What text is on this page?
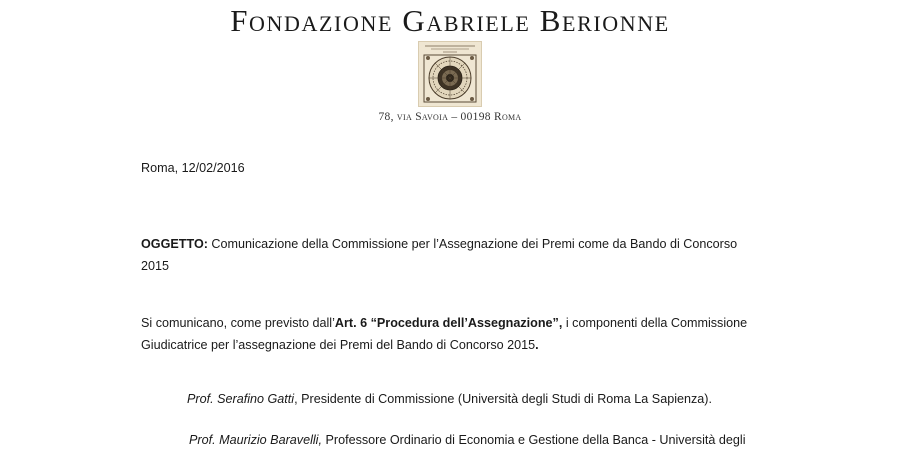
Fondazione Gabriele Berionne
78, via Savoia – 00198 Roma

Roma, 12/02/2016

OGGETTO: Comunicazione della Commissione per l’Assegnazione dei Premi come da Bando di Concorso

2015

Si comunicano, come previsto dall’Art. 6 “Procedura dell’Assegnazione”, i componenti della Commissione

Giudicatrice per l’assegnazione dei Premi del Bando di Concorso 2015.

Prof. Serafino Gatti, Presidente di Commissione (Università degli Studi di Roma La Sapienza).

Prof. Maurizio Baravelli, Professore Ordinario di Economia e Gestione della Banca - Università degli
